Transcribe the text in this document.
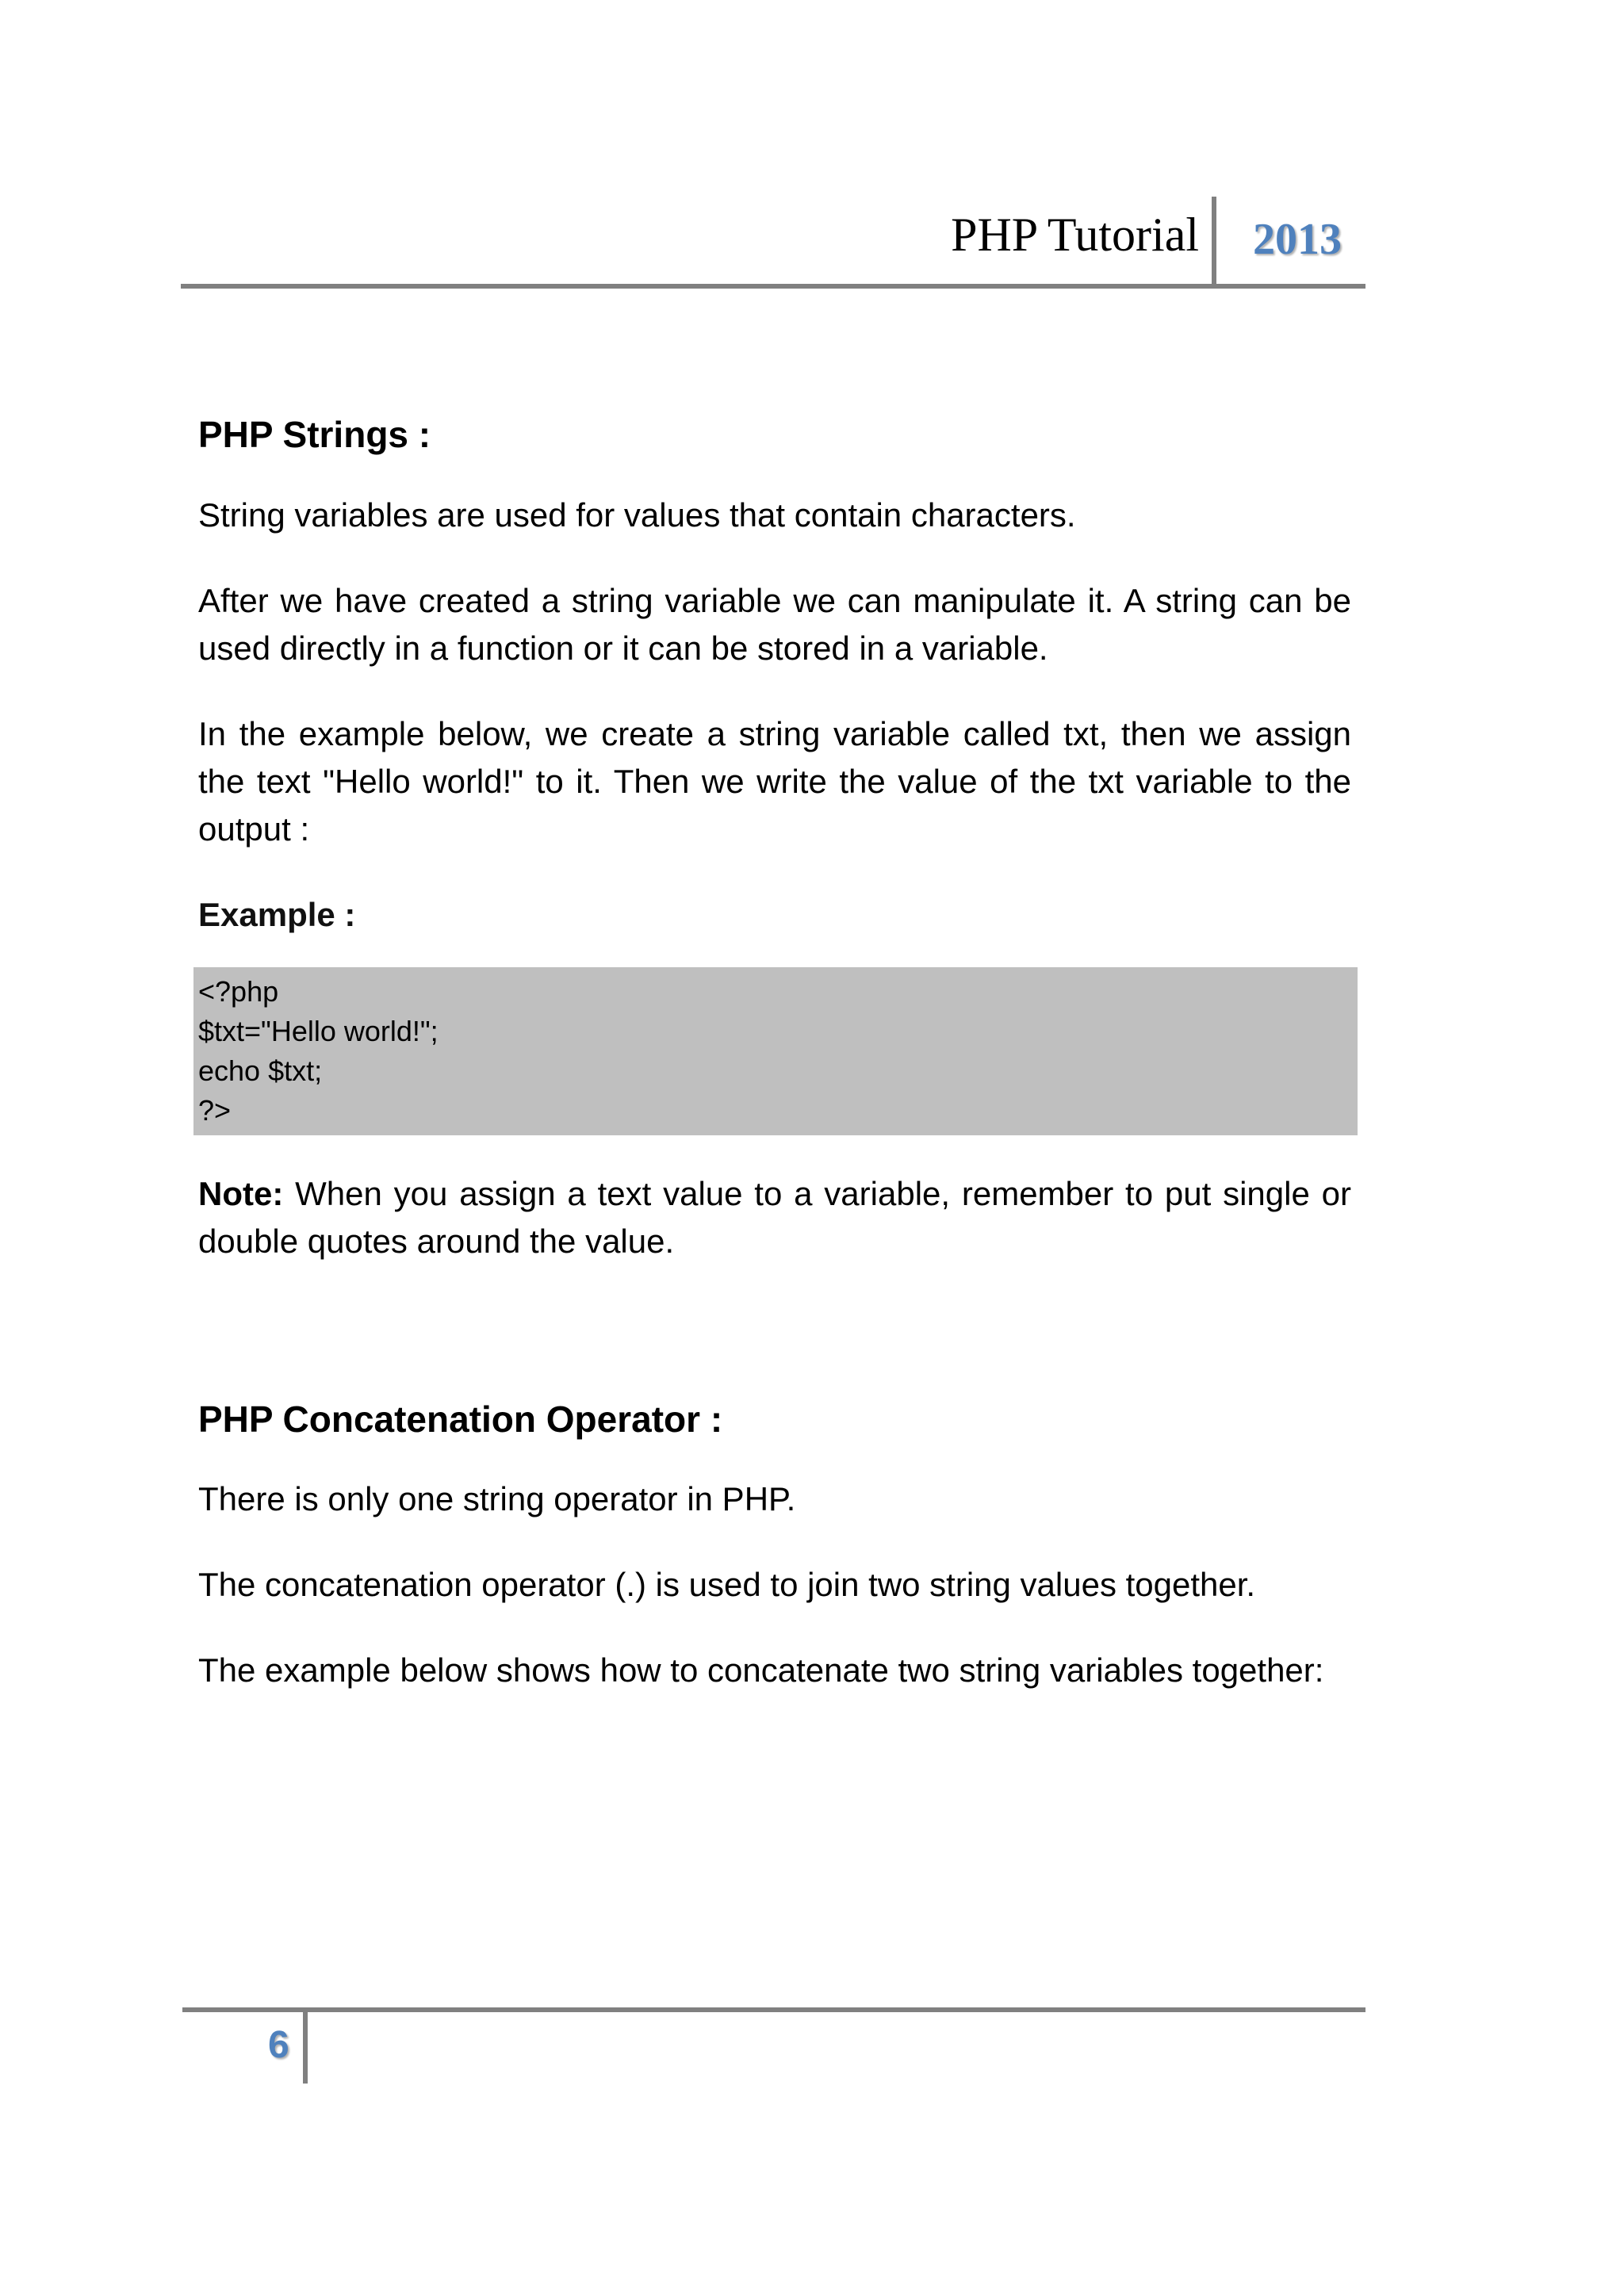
PHP Tutorial 2013
PHP Strings :

String variables are used for values that contain characters.

After we have created a string variable we can manipulate it. A string can be used directly in a function or it can be stored in a variable.

In the example below, we create a string variable called txt, then we assign the text "Hello world!" to it. Then we write the value of the txt variable to the output :

Example :
<?php
$txt="Hello world!";
echo $txt;
?>

Note: When you assign a text value to a variable, remember to put single or double quotes around the value.

PHP Concatenation Operator :

There is only one string operator in PHP.

The concatenation operator (.) is used to join two string values together.

The example below shows how to concatenate two string variables together:

6
